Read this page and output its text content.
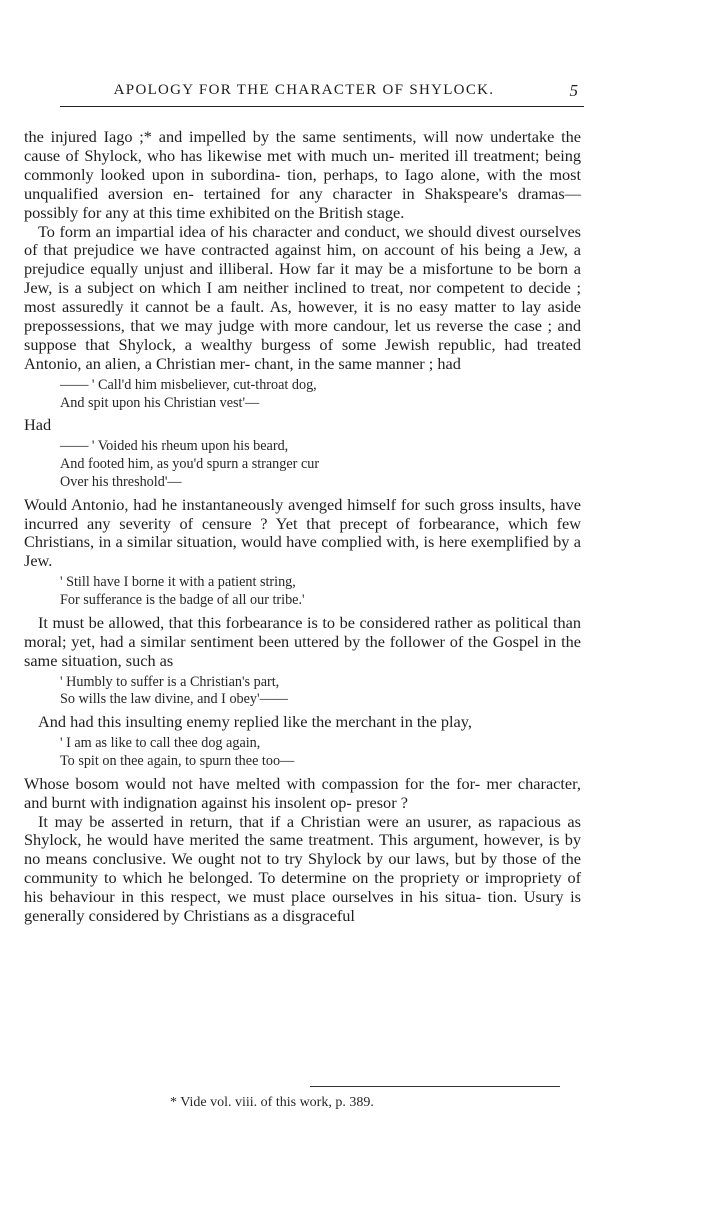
APOLOGY FOR THE CHARACTER OF SHYLOCK.	5

the injured Iago ;* and impelled by the same sentiments, will now undertake the cause of Shylock, who has likewise met with much un- merited ill treatment; being commonly looked upon in subordina- tion, perhaps, to Iago alone, with the most unqualified aversion en- tertained for any character in Shakspeare's dramas—possibly for any at this time exhibited on the British stage.

To form an impartial idea of his character and conduct, we should divest ourselves of that prejudice we have contracted against him, on account of his being a Jew, a prejudice equally unjust and illiberal. How far it may be a misfortune to be born a Jew, is a subject on which I am neither inclined to treat, nor competent to decide ; most assuredly it cannot be a fault. As, however, it is no easy matter to lay aside prepossessions, that we may judge with more candour, let us reverse the case ; and suppose that Shylock, a wealthy burgess of some Jewish republic, had treated Antonio, an alien, a Christian mer- chant, in the same manner ; had

—— ' Call'd him misbeliever, cut-throat dog,
And spit upon his Christian vest'—

Had

—— ' Voided his rheum upon his beard,
And footed him, as you'd spurn a stranger cur
Over his threshold'—

Would Antonio, had he instantaneously avenged himself for such gross insults, have incurred any severity of censure ? Yet that precept of forbearance, which few Christians, in a similar situation, would have complied with, is here exemplified by a Jew.

' Still have I borne it with a patient string,
For sufferance is the badge of all our tribe.'

It must be allowed, that this forbearance is to be considered rather as political than moral; yet, had a similar sentiment been uttered by the follower of the Gospel in the same situation, such as

' Humbly to suffer is a Christian's part,
So wills the law divine, and I obey'——

And had this insulting enemy replied like the merchant in the play,

' I am as like to call thee dog again,
To spit on thee again, to spurn thee too—

Whose bosom would not have melted with compassion for the for- mer character, and burnt with indignation against his insolent op- presor ?

It may be asserted in return, that if a Christian were an usurer, as rapacious as Shylock, he would have merited the same treatment. This argument, however, is by no means conclusive. We ought not to try Shylock by our laws, but by those of the community to which he belonged. To determine on the propriety or impropriety of his behaviour in this respect, we must place ourselves in his situa- tion. Usury is generally considered by Christians as a disgraceful

* Vide vol. viii. of this work, p. 389.
